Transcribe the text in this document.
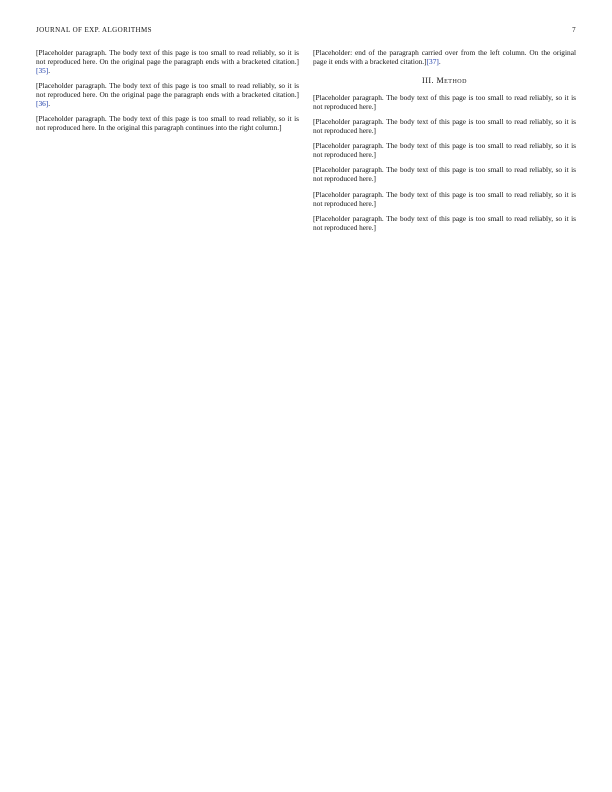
JOURNAL OF EXP. ALGORITHMS	7

[Placeholder paragraph. The body text of this page is too small to read reliably, so it is not reproduced here. On the original page the paragraph ends with a bracketed citation.][35].

[Placeholder paragraph. The body text of this page is too small to read reliably, so it is not reproduced here. On the original page the paragraph ends with a bracketed citation.][36].

[Placeholder paragraph. The body text of this page is too small to read reliably, so it is not reproduced here. In the original this paragraph continues into the right column.]

[Placeholder: end of the paragraph carried over from the left column. On the original page it ends with a bracketed citation.][37].

III. Method

[Placeholder paragraph. The body text of this page is too small to read reliably, so it is not reproduced here.]

[Placeholder paragraph. The body text of this page is too small to read reliably, so it is not reproduced here.]

[Placeholder paragraph. The body text of this page is too small to read reliably, so it is not reproduced here.]

[Placeholder paragraph. The body text of this page is too small to read reliably, so it is not reproduced here.]

[Placeholder paragraph. The body text of this page is too small to read reliably, so it is not reproduced here.]

[Placeholder paragraph. The body text of this page is too small to read reliably, so it is not reproduced here.]
